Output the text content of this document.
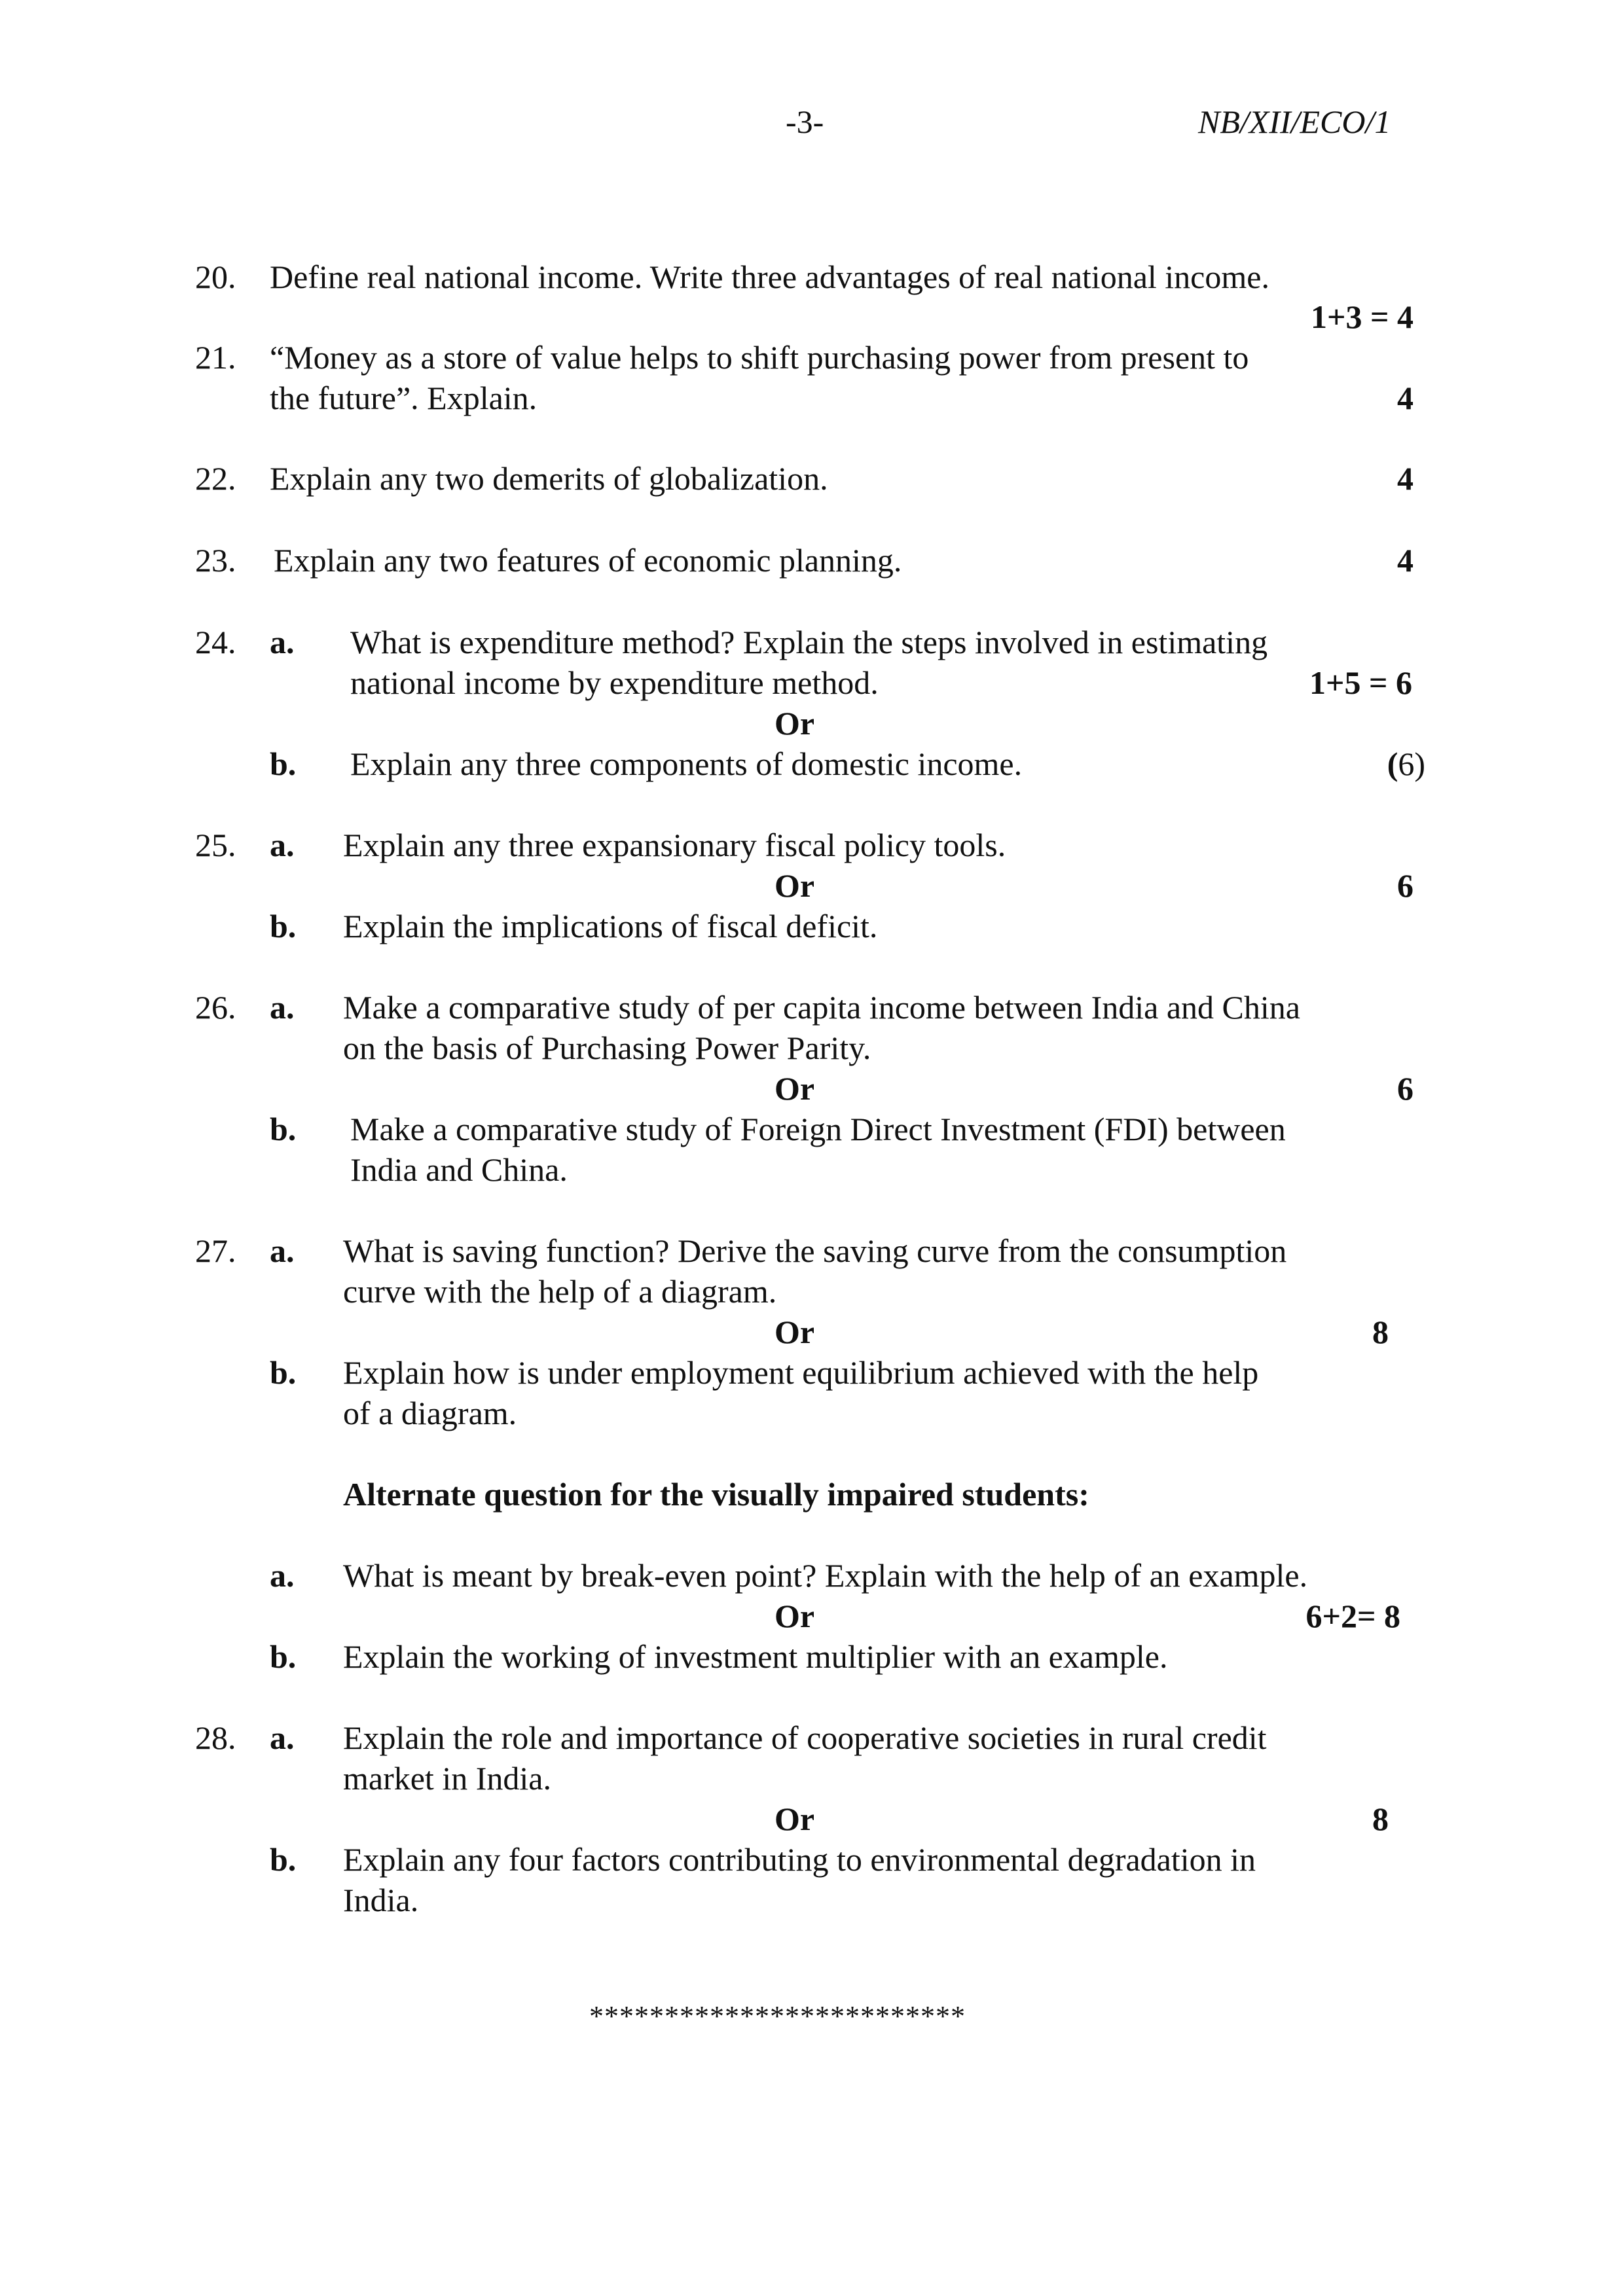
-3-	NB/XII/ECO/1
20. Define real national income. Write three advantages of real national income.
1+3 = 4
21. “Money as a store of value helps to shift purchasing power from present to
the future”. Explain.	4
22. Explain any two demerits of globalization.	4
23. Explain any two features of economic planning.	4
24. a. What is expenditure method? Explain the steps involved in estimating
national income by expenditure method.	1+5 = 6
Or
b. Explain any three components of domestic income.	(6)
25. a. Explain any three expansionary fiscal policy tools.
Or	6
b. Explain the implications of fiscal deficit.
26. a. Make a comparative study of per capita income between India and China
on the basis of Purchasing Power Parity.
Or	6
b. Make a comparative study of Foreign Direct Investment (FDI) between
India and China.
27. a. What is saving function? Derive the saving curve from the consumption
curve with the help of a diagram.
Or	8
b. Explain how is under employment equilibrium achieved with the help
of a diagram.
Alternate question for the visually impaired students:
a. What is meant by break-even point? Explain with the help of an example.
Or	6+2= 8
b. Explain the working of investment multiplier with an example.
28. a. Explain the role and importance of cooperative societies in rural credit
market in India.
Or	8
b. Explain any four factors contributing to environmental degradation in
India.
*************************
